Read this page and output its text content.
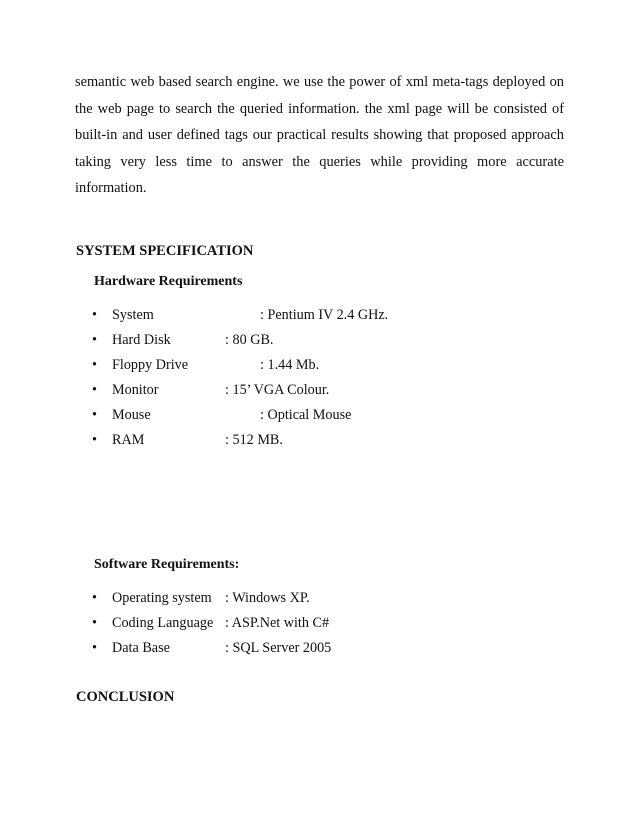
semantic web based search engine. we use the power of xml meta-tags deployed on
the web page to search the queried information. the xml page will be consisted of
built-in and user defined tags our practical results showing that proposed approach
taking very less time to answer the queries while providing more accurate
information.
SYSTEM SPECIFICATION
Hardware Requirements
• System	: Pentium IV 2.4 GHz.
• Hard Disk	: 80 GB.
• Floppy Drive	: 1.44 Mb.
• Monitor	: 15’ VGA Colour.
• Mouse	: Optical Mouse
• RAM	: 512 MB.
Software Requirements:
• Operating system : Windows XP.
• Coding Language : ASP.Net with C#
• Data Base	: SQL Server 2005
CONCLUSION
